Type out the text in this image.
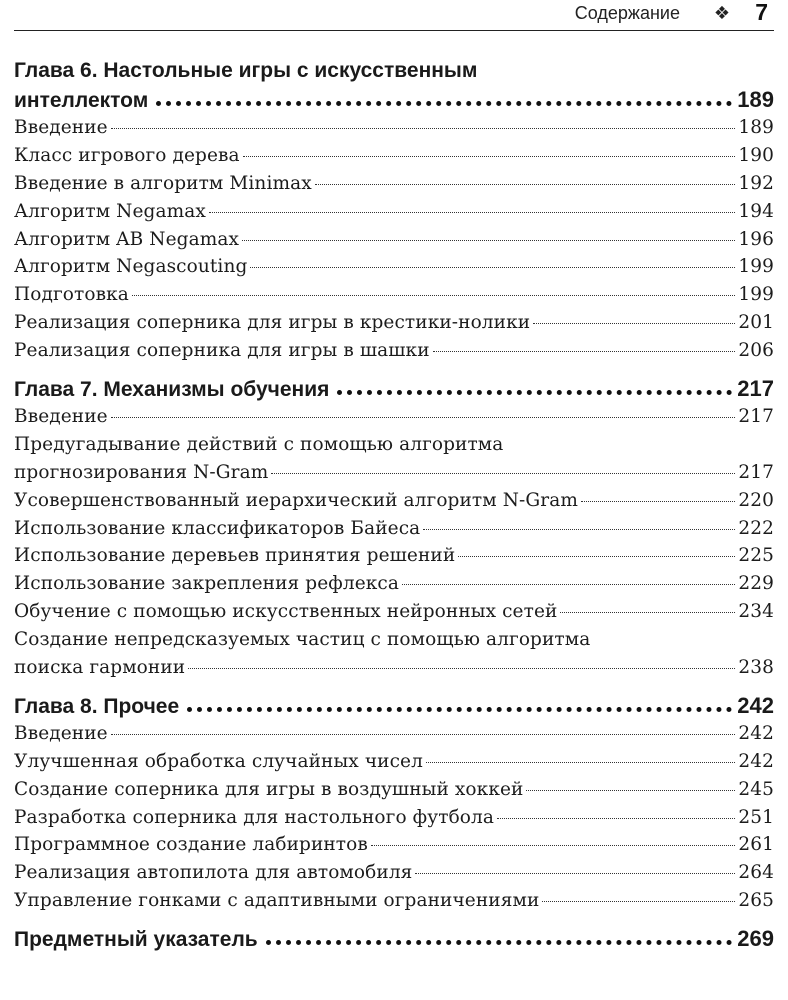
Содержание ❖ 7
Глава 6. Настольные игры с искусственным
интеллектом	189
Введение	189
Класс игрового дерева	190
Введение в алгоритм Minimax	192
Алгоритм Negamax	194
Алгоритм AB Negamax	196
Алгоритм Negascouting	199
Подготовка	199
Реализация соперника для игры в крестики-нолики	201
Реализация соперника для игры в шашки	206
Глава 7. Механизмы обучения	217
Введение	217
Предугадывание действий с помощью алгоритма
прогнозирования N-Gram	217
Усовершенствованный иерархический алгоритм N-Gram	220
Использование классификаторов Байеса	222
Использование деревьев принятия решений	225
Использование закрепления рефлекса	229
Обучение с помощью искусственных нейронных сетей	234
Создание непредсказуемых частиц с помощью алгоритма
поиска гармонии	238
Глава 8. Прочее	242
Введение	242
Улучшенная обработка случайных чисел	242
Создание соперника для игры в воздушный хоккей	245
Разработка соперника для настольного футбола	251
Программное создание лабиринтов	261
Реализация автопилота для автомобиля	264
Управление гонками с адаптивными ограничениями	265
Предметный указатель	269
